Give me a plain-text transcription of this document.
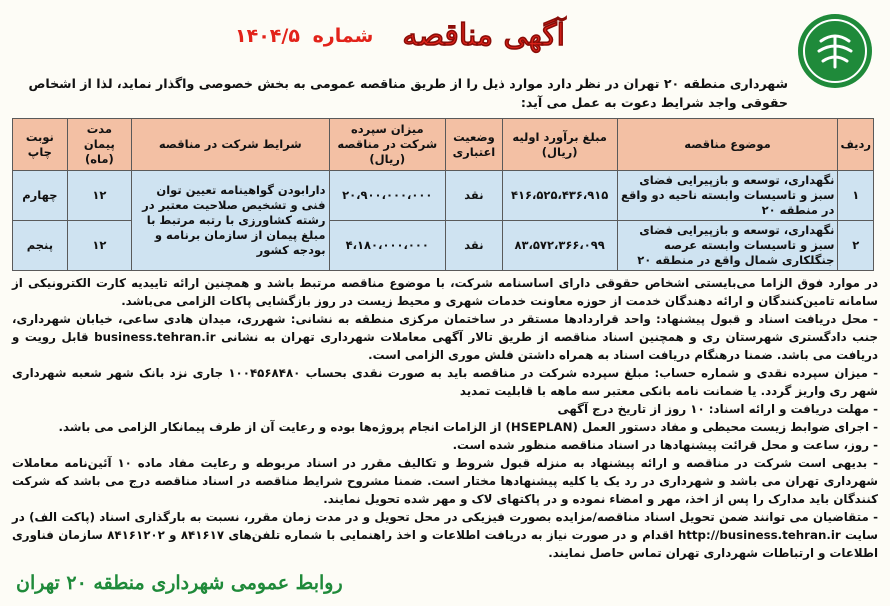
آگهی مناقصه شماره ۱۴۰۴/۵
شهرداری منطقه ۲۰ تهران در نظر دارد موارد ذیل را از طریق مناقصه عمومی به بخش خصوصی واگذار نماید، لذا از اشخاص حقوقی واجد شرایط دعوت به عمل می آید:
ردیف	موضوع مناقصه	مبلغ برآورد اولیه (ریال)	وضعیت اعتباری	میزان سپرده شرکت در مناقصه (ریال)	شرایط شرکت در مناقصه	مدت پیمان (ماه)	نوبت چاپ
۱	نگهداری، توسعه و بازپیرایی فضای سبز و تاسیسات وابسته ناحیه دو واقع در منطقه ۲۰	۴۱۶،۵۲۵،۴۳۶،۹۱۵	نقد	۲۰،۹۰۰،۰۰۰،۰۰۰	دارابودن گواهینامه تعیین توان فنی و تشخیص صلاحیت معتبر در رشته کشاورزی با رتبه مرتبط با مبلغ پیمان از سازمان برنامه و بودجه کشور	۱۲	چهارم
۲	نگهداری، توسعه و بازپیرایی فضای سبز و تاسیسات وابسته عرصه جنگلکاری شمال واقع در منطقه ۲۰	۸۳،۵۷۲،۳۶۶،۰۹۹	نقد	۴،۱۸۰،۰۰۰،۰۰۰		۱۲	پنجم

در موارد فوق الزاما می‌بایستی اشخاص حقوقی دارای اساسنامه شرکت، با موضوع مناقصه مرتبط باشد و همچنین ارائه تاییدیه کارت الکترونیکی از سامانه تامین‌کنندگان و ارائه دهندگان خدمت از حوزه معاونت خدمات شهری و محیط زیست در روز بازگشایی پاکات الزامی می‌باشد.

- محل دریافت اسناد و قبول پیشنهاد: واحد قراردادها مستقر در ساختمان مرکزی منطقه به نشانی: شهرری، میدان هادی ساعی، خیابان شهرداری، جنب دادگستری شهرستان ری و همچنین اسناد مناقصه از طریق تالار آگهی معاملات شهرداری تهران به نشانی business.tehran.ir قابل رویت و دریافت می باشد. ضمنا درهنگام دریافت اسناد به همراه داشتن فلش موری الزامی است.

- میزان سپرده نقدی و شماره حساب: مبلغ سپرده شرکت در مناقصه باید به صورت نقدی بحساب ۱۰۰۴۵۶۸۴۸۰ جاری نزد بانک شهر شعبه شهرداری شهر ری واریز گردد. یا ضمانت نامه بانکی معتبر سه ماهه با قابلیت تمدید

- مهلت دریافت و ارائه اسناد: ۱۰ روز از تاریخ درج آگهی

- اجرای ضوابط زیست محیطی و مفاد دستور العمل (HSEPLAN) از الزامات انجام پروژه‌ها بوده و رعایت آن از طرف پیمانکار الزامی می باشد.

- روز، ساعت و محل قرائت پیشنهادها در اسناد مناقصه منظور شده است.

- بدیهی است شرکت در مناقصه و ارائه پیشنهاد به منزله قبول شروط و تکالیف مقرر در اسناد مربوطه و رعایت مفاد ماده ۱۰ آئین‌نامه معاملات شهرداری تهران می باشد و شهرداری در رد یک یا کلیه پیشنهادها مختار است. ضمنا مشروح شرایط مناقصه در اسناد مناقصه درج می باشد که شرکت کنندگان باید مدارک را پس از اخذ، مهر و امضاء نموده و در پاکتهای لاک و مهر شده تحویل نمایند.

- متقاضیان می توانند ضمن تحویل اسناد مناقصه/مزایده بصورت فیزیکی در محل تحویل و در مدت زمان مقرر، نسبت به بارگذاری اسناد (پاکت الف) در سایت http://business.tehran.ir اقدام و در صورت نیاز به دریافت اطلاعات و اخذ راهنمایی با شماره تلفن‌های ۸۴۱۶۱۷ و ۸۴۱۶۱۲۰۲ سازمان فناوری اطلاعات و ارتباطات شهرداری تهران تماس حاصل نمایند.

روابط عمومی شهرداری منطقه ۲۰ تهران
